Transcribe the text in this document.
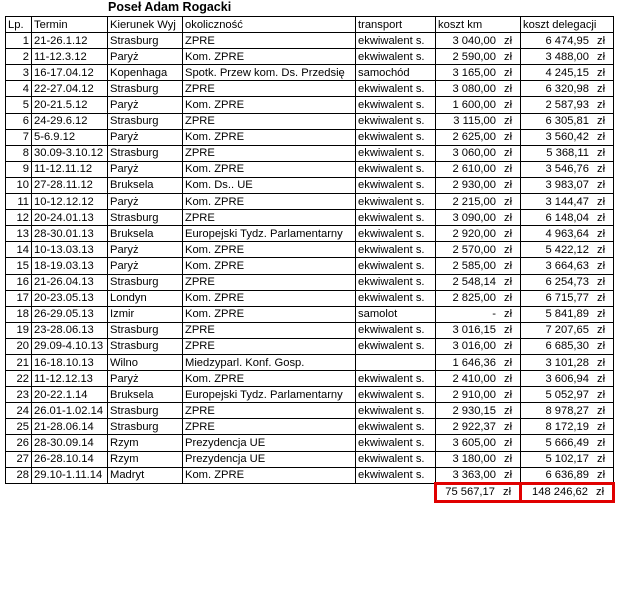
Poseł Adam Rogacki
Lp.	Termin	Kierunek Wyj	okoliczność	transport	koszt km	koszt delegacji
1	21-26.1.12	Strasburg	ZPRE	ekwiwalent s.	3 040,00 zł	6 474,95 zł

2	11-12.3.12	Paryż	Kom. ZPRE	ekwiwalent s.	2 590,00 zł	3 488,00 zł

3	16-17.04.12	Kopenhaga	Spotk. Przew kom. Ds. Przedsię	samochód	3 165,00 zł	4 245,15 zł

4	22-27.04.12	Strasburg	ZPRE	ekwiwalent s.	3 080,00 zł	6 320,98 zł

5	20-21.5.12	Paryż	Kom. ZPRE	ekwiwalent s.	1 600,00 zł	2 587,93 zł

6	24-29.6.12	Strasburg	ZPRE	ekwiwalent s.	3 115,00 zł	6 305,81 zł

7	5-6.9.12	Paryż	Kom. ZPRE	ekwiwalent s.	2 625,00 zł	3 560,42 zł

8	30.09-3.10.12	Strasburg	ZPRE	ekwiwalent s.	3 060,00 zł	5 368,11 zł

9	11-12.11.12	Paryż	Kom. ZPRE	ekwiwalent s.	2 610,00 zł	3 546,76 zł

10	27-28.11.12	Bruksela	Kom. Ds.. UE	ekwiwalent s.	2 930,00 zł	3 983,07 zł

11	10-12.12.12	Paryż	Kom. ZPRE	ekwiwalent s.	2 215,00 zł	3 144,47 zł

12	20-24.01.13	Strasburg	ZPRE	ekwiwalent s.	3 090,00 zł	6 148,04 zł

13	28-30.01.13	Bruksela	Europejski Tydz. Parlamentarny	ekwiwalent s.	2 920,00 zł	4 963,64 zł

14	10-13.03.13	Paryż	Kom. ZPRE	ekwiwalent s.	2 570,00 zł	5 422,12 zł

15	18-19.03.13	Paryż	Kom. ZPRE	ekwiwalent s.	2 585,00 zł	3 664,63 zł

16	21-26.04.13	Strasburg	ZPRE	ekwiwalent s.	2 548,14 zł	6 254,73 zł

17	20-23.05.13	Londyn	Kom. ZPRE	ekwiwalent s.	2 825,00 zł	6 715,77 zł

18	26-29.05.13	Izmir	Kom. ZPRE	samolot	- zł	5 841,89 zł

19	23-28.06.13	Strasburg	ZPRE	ekwiwalent s.	3 016,15 zł	7 207,65 zł

20	29.09-4.10.13	Strasburg	ZPRE	ekwiwalent s.	3 016,00 zł	6 685,30 zł

21	16-18.10.13	Wilno	Miedzyparl. Konf. Gosp.		1 646,36 zł	3 101,28 zł

22	11-12.12.13	Paryż	Kom. ZPRE	ekwiwalent s.	2 410,00 zł	3 606,94 zł

23	20-22.1.14	Bruksela	Europejski Tydz. Parlamentarny	ekwiwalent s.	2 910,00 zł	5 052,97 zł

24	26.01-1.02.14	Strasburg	ZPRE	ekwiwalent s.	2 930,15 zł	8 978,27 zł

25	21-28.06.14	Strasburg	ZPRE	ekwiwalent s.	2 922,37 zł	8 172,19 zł

26	28-30.09.14	Rzym	Prezydencja UE	ekwiwalent s.	3 605,00 zł	5 666,49 zł

27	26-28.10.14	Rzym	Prezydencja UE	ekwiwalent s.	3 180,00 zł	5 102,17 zł

28	29.10-1.11.14	Madryt	Kom. ZPRE	ekwiwalent s.	3 363,00 zł	6 636,89 zł

					75 567,17 zł	148 246,62 zł
